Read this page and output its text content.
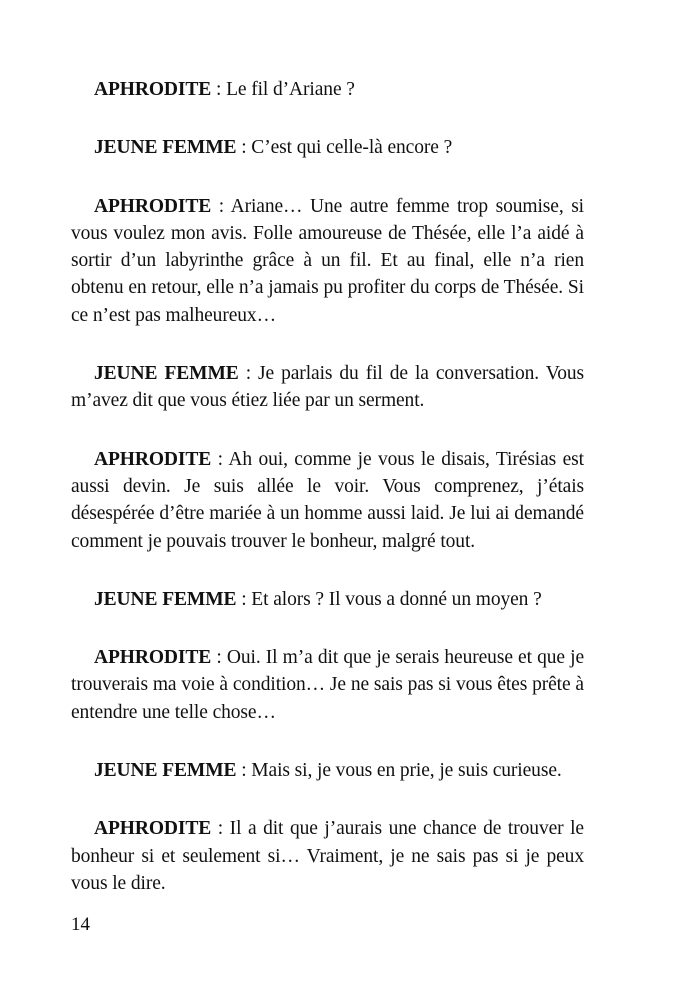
APHRODITE : Le fil d’Ariane ?

JEUNE FEMME : C’est qui celle-là encore ?

APHRODITE : Ariane… Une autre femme trop soumise, si vous voulez mon avis. Folle amoureuse de Thésée, elle l’a aidé à sortir d’un labyrinthe grâce à un fil. Et au final, elle n’a rien obtenu en retour, elle n’a jamais pu profiter du corps de Thésée. Si ce n’est pas malheureux…

JEUNE FEMME : Je parlais du fil de la conversation. Vous m’avez dit que vous étiez liée par un serment.

APHRODITE : Ah oui, comme je vous le disais, Tirésias est aussi devin. Je suis allée le voir. Vous comprenez, j’étais désespérée d’être mariée à un homme aussi laid. Je lui ai demandé comment je pouvais trouver le bonheur, malgré tout.

JEUNE FEMME : Et alors ? Il vous a donné un moyen ?

APHRODITE : Oui. Il m’a dit que je serais heureuse et que je trouverais ma voie à condition… Je ne sais pas si vous êtes prête à entendre une telle chose…

JEUNE FEMME : Mais si, je vous en prie, je suis curieuse.

APHRODITE : Il a dit que j’aurais une chance de trouver le bonheur si et seulement si… Vraiment, je ne sais pas si je peux vous le dire.

14
